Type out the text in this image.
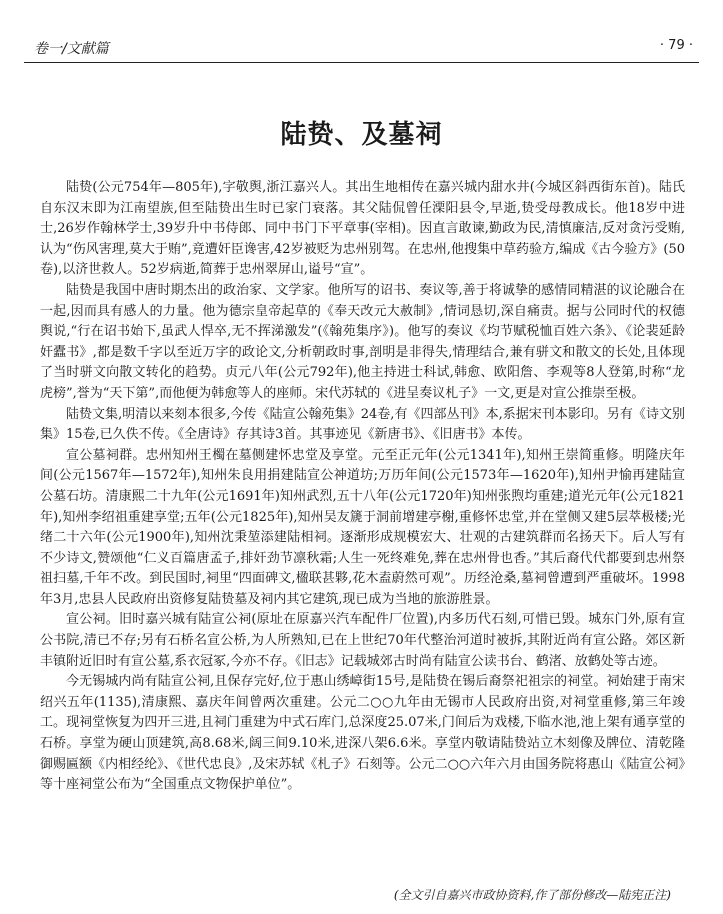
卷一/文献篇	· 79 ·
陆贽、及墓祠

陆贽(公元754年—805年),字敬舆,浙江嘉兴人。其出生地相传在嘉兴城内甜水井(今城区斜西街东首)。陆氏自东汉末即为江南望族,但至陆贽出生时已家门衰落。其父陆侃曾任溧阳县令,早逝,贽受母教成长。他18岁中进士,26岁作翰林学士,39岁升中书侍郎、同中书门下平章事(宰相)。因直言敢谏,勤政为民,清慎廉洁,反对贪污受贿,认为“伤风害理,莫大于贿”,竟遭奸臣谗害,42岁被贬为忠州别驾。在忠州,他搜集中草药验方,编成《古今验方》(50卷),以济世救人。52岁病逝,简葬于忠州翠屏山,谥号“宣”。

陆贽是我国中唐时期杰出的政治家、文学家。他所写的诏书、奏议等,善于将诚挚的感情同精湛的议论融合在一起,因而具有感人的力量。他为德宗皇帝起草的《奉天改元大赦制》,情词恳切,深自痛责。据与公同时代的权德舆说,“行在诏书始下,虽武人悍卒,无不挥涕激发”(《翰苑集序》)。他写的奏议《均节赋税恤百姓六条》、《论裴延龄奸蠹书》,都是数千字以至近万字的政论文,分析朝政时事,剖明是非得失,情理结合,兼有骈文和散文的长处,且体现了当时骈文向散文转化的趋势。贞元八年(公元792年),他主持进士科试,韩愈、欧阳詹、李观等8人登第,时称“龙虎榜”,誉为“天下第”,而他便为韩愈等人的座师。宋代苏轼的《进呈奏议札子》一文,更是对宣公推崇至极。

陆贽文集,明清以来刻本很多,今传《陆宣公翰苑集》24卷,有《四部丛刊》本,系据宋刊本影印。另有《诗文别集》15卷,已久佚不传。《全唐诗》存其诗3首。其事迹见《新唐书》、《旧唐书》本传。

宣公墓祠群。忠州知州王㯮在墓侧建怀忠堂及享堂。元至正元年(公元1341年),知州王崇简重修。明隆庆年间(公元1567年—1572年),知州朱良用捐建陆宣公神道坊;万历年间(公元1573年—1620年),知州尹愉再建陆宣公墓石坊。清康熙二十九年(公元1691年)知州武烈,五十八年(公元1720年)知州张煦均重建;道光元年(公元1821年),知州李绍祖重建享堂;五年(公元1825年),知州吴友篪于洞前增建亭榭,重修怀忠堂,并在堂侧又建5层萃极楼;光绪二十六年(公元1900年),知州沈秉堃添建陆相祠。逐渐形成规模宏大、壮观的古建筑群而名扬天下。后人写有不少诗文,赞颂他“仁义百篇唐孟子,排奸劲节凛秋霜;人生一死终难免,葬在忠州骨也香。”其后裔代代都要到忠州祭祖扫墓,千年不改。到民国时,祠里“四面碑文,楹联甚夥,花木盍蔚然可观”。历经沧桑,墓祠曾遭到严重破坏。1998年3月,忠县人民政府出资修复陆贽墓及祠内其它建筑,现已成为当地的旅游胜景。

宣公祠。旧时嘉兴城有陆宣公祠(原址在原嘉兴汽车配件厂位置),内多历代石刻,可惜已毁。城东门外,原有宣公书院,清已不存;另有石桥名宣公桥,为人所熟知,已在上世纪70年代整治河道时被拆,其附近尚有宣公路。郊区新丰镇附近旧时有宣公墓,系衣冠冢,今亦不存。《旧志》记载城郊古时尚有陆宣公读书台、鹤渚、放鹤处等古迹。

今无锡城内尚有陆宣公祠,且保存完好,位于惠山绣嶂街15号,是陆贽在锡后裔祭祀祖宗的祠堂。祠始建于南宋绍兴五年(1135),清康熙、嘉庆年间曾两次重建。公元二○○九年由无锡市人民政府出资,对祠堂重修,第三年竣工。现祠堂恢复为四开三进,且祠门重建为中式石库门,总深度25.07米,门间后为戏楼,下临水池,池上架有通享堂的石桥。享堂为硬山顶建筑,高8.68米,阔三间9.10米,进深八架6.6米。享堂内敬请陆贽站立木刻像及牌位、清乾隆御赐匾额《内相经纶》、《世代忠良》,及宋苏轼《札子》石刻等。公元二○○六年六月由国务院将惠山《陆宣公祠》等十座祠堂公布为“全国重点文物保护单位”。

(全文引自嘉兴市政协资料,作了部份修改—陆宪正注)
